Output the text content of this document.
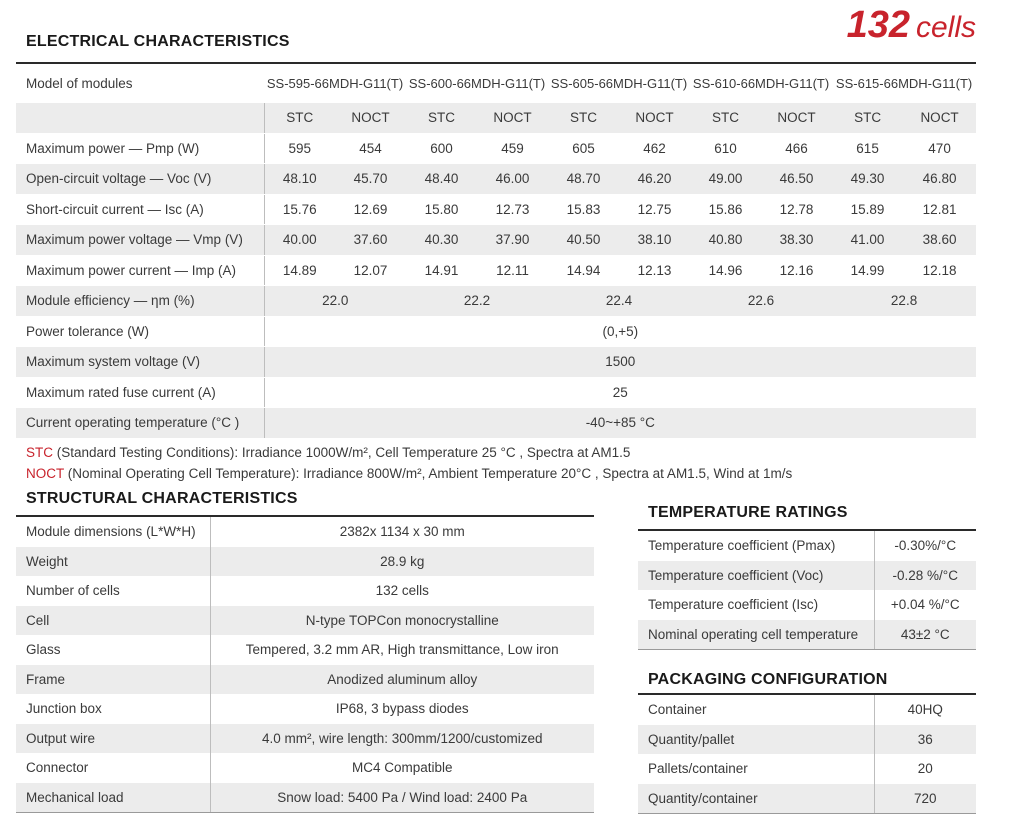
ELECTRICAL CHARACTERISTICS	132 cells
Model of modules	SS-595-66MDH-G11(T)		SS-600-66MDH-G11(T)		SS-605-66MDH-G11(T)		SS-610-66MDH-G11(T)		SS-615-66MDH-G11(T)	
	STC	NOCT	STC	NOCT	STC	NOCT	STC	NOCT	STC	NOCT
Maximum power — Pmp (W)	595	454	600	459	605	462	610	466	615	470
Open-circuit voltage — Voc (V)	48.10	45.70	48.40	46.00	48.70	46.20	49.00	46.50	49.30	46.80
Short-circuit current — Isc (A)	15.76	12.69	15.80	12.73	15.83	12.75	15.86	12.78	15.89	12.81
Maximum power voltage — Vmp (V)	40.00	37.60	40.30	37.90	40.50	38.10	40.80	38.30	41.00	38.60
Maximum power current — Imp (A)	14.89	12.07	14.91	12.11	14.94	12.13	14.96	12.16	14.99	12.18
Module efficiency — ηm (%)	22.0		22.2		22.4		22.6		22.8	
Power tolerance (W)	(0,+5)									
Maximum system voltage (V)	1500									
Maximum rated fuse current (A)	25									
Current operating temperature (°C )	-40~+85 °C									
STC (Standard Testing Conditions): Irradiance 1000W/m², Cell Temperature 25 °C , Spectra at AM1.5
NOCT (Nominal Operating Cell Temperature): Irradiance 800W/m², Ambient Temperature 20°C , Spectra at AM1.5, Wind at 1m/s
STRUCTURAL CHARACTERISTICS
Module dimensions (L*W*H)	2382x 1134 x 30 mm
Weight	28.9 kg
Number of cells	132 cells
Cell	N-type TOPCon monocrystalline
Glass	Tempered, 3.2 mm AR, High transmittance, Low iron
Frame	Anodized aluminum alloy
Junction box	IP68, 3 bypass diodes
Output wire	4.0 mm², wire length: 300mm/1200/customized
Connector	MC4 Compatible
Mechanical load	Snow load: 5400 Pa / Wind load: 2400 Pa
TEMPERATURE RATINGS
Temperature coefficient (Pmax)	-0.30%/°C
Temperature coefficient (Voc)	-0.28 %/°C
Temperature coefficient (Isc)	+0.04 %/°C
Nominal operating cell temperature	43±2 °C
PACKAGING CONFIGURATION
Container	40HQ
Quantity/pallet	36
Pallets/container	20
Quantity/container	720
